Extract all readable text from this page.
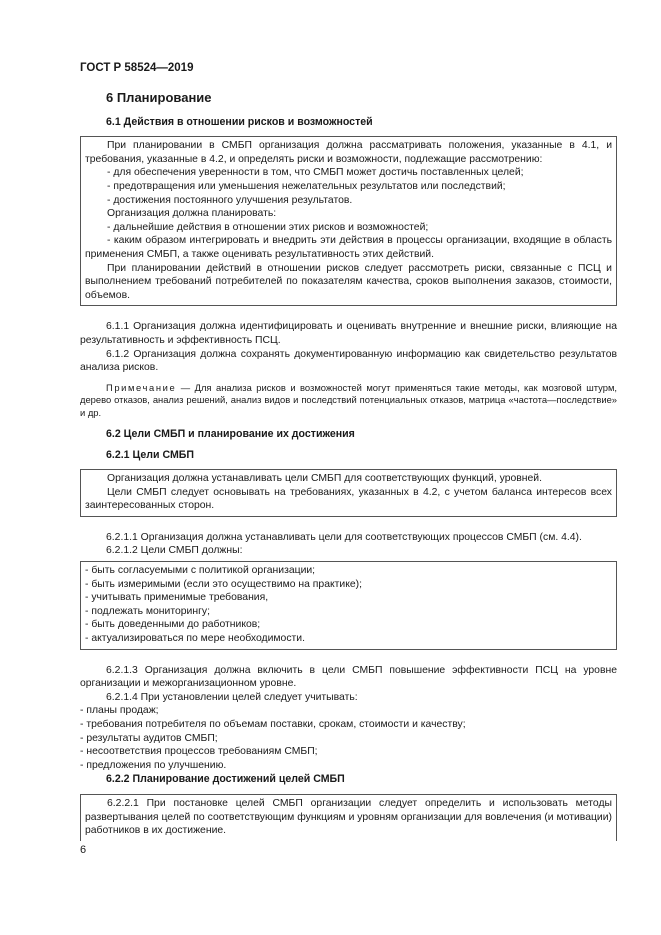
ГОСТ Р 58524—2019
6 Планирование
6.1 Действия в отношении рисков и возможностей

При планировании в СМБП организация должна рассматривать положения, указанные в 4.1, и требования, указанные в 4.2, и определять риски и возможности, подлежащие рассмотрению:

- для обеспечения уверенности в том, что СМБП может достичь поставленных целей;

- предотвращения или уменьшения нежелательных результатов или последствий;

- достижения постоянного улучшения результатов.

Организация должна планировать:

- дальнейшие действия в отношении этих рисков и возможностей;

- каким образом интегрировать и внедрить эти действия в процессы организации, входящие в область применения СМБП, а также оценивать результативность этих действий.

При планировании действий в отношении рисков следует рассмотреть риски, связанные с ПСЦ и выполнением требований потребителей по показателям качества, сроков выполнения заказов, стоимости, объемов.

6.1.1 Организация должна идентифицировать и оценивать внутренние и внешние риски, влияющие на результативность и эффективность ПСЦ.

6.1.2 Организация должна сохранять документированную информацию как свидетельство результатов анализа рисков.

Примечание — Для анализа рисков и возможностей могут применяться такие методы, как мозговой штурм, дерево отказов, анализ решений, анализ видов и последствий потенциальных отказов, матрица «частота—последствие» и др.

6.2 Цели СМБП и планирование их достижения
6.2.1 Цели СМБП

Организация должна устанавливать цели СМБП для соответствующих функций, уровней.

Цели СМБП следует основывать на требованиях, указанных в 4.2, с учетом баланса интересов всех заинтересованных сторон.

6.2.1.1 Организация должна устанавливать цели для соответствующих процессов СМБП (см. 4.4).

6.2.1.2 Цели СМБП должны:

- быть согласуемыми с политикой организации;

- быть измеримыми (если это осуществимо на практике);

- учитывать применимые требования,

- подлежать мониторингу;

- быть доведенными до работников;

- актуализироваться по мере необходимости.

6.2.1.3 Организация должна включить в цели СМБП повышение эффективности ПСЦ на уровне организации и межорганизационном уровне.

6.2.1.4 При установлении целей следует учитывать:

- планы продаж;

- требования потребителя по объемам поставки, срокам, стоимости и качеству;

- результаты аудитов СМБП;

- несоответствия процессов требованиям СМБП;

- предложения по улучшению.

6.2.2 Планирование достижений целей СМБП

6.2.2.1 При постановке целей СМБП организации следует определить и использовать методы развертывания целей по соответствующим функциям и уровням организации для вовлечения (и мотивации) работников в их достижение.

6
